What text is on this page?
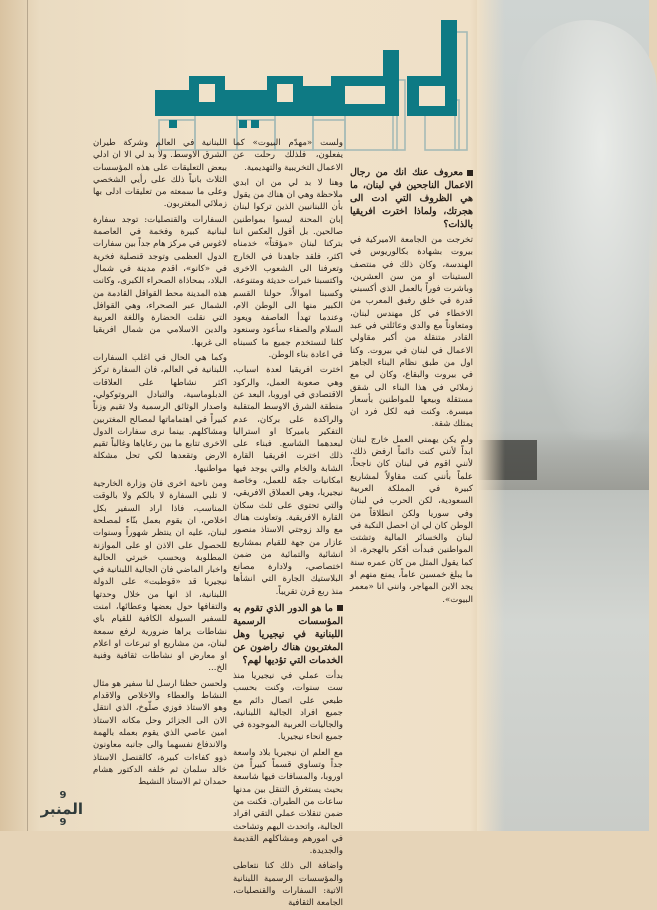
معروف عنك انك من رجال الاعمال الناجحين في لبنان، ما هي الظروف التي ادت الى هجرتك، ولماذا اخترت افريقيا بالذات؟

تخرجت من الجامعة الاميركية في بيروت بشهادة بكالوريوس في الهندسة، وكان ذلك في منتصف الستينات او من سن العشرين، وباشرت فوراً بالعمل الذي أكسبني قدرة في خلق رفيق المعرب من الاخطاء في كل مهندس لبنان، ومتعاوناً مع والدي وعائلتي في عبد القادر متنقلة من أكبر مقاولي الاعمال في لبنان في بيروت. وكنا اول من طبق نظام البناء الجاهز في بيروت والبقاع، وكان لي مع زملائي في هذا البناء الى شقق مستقلة وبيعها للمواطنين بأسعار ميسرة. وكنت فيه لكل فرد ان يمتلك شقة.

ولم يكن يهمني العمل خارج لبنان ابداً لأنني كنت دائماً ارفض ذلك، لأنني اقوم في لبنان كان ناجحاً، علماً بأنني كنت مقاولاً لمشاريع كبيرة في المملكة العربية السعودية، لكن الحرب في لبنان وفي سوريا ولكن انطلاقاً من الوطن كان لي ان احصل النكبة في لبنان والخسائر المالية وتشتت المواطنين فبدأت أفكر بالهجرة، اذ كما يقول المثل من كان عمره سنة ما يبلغ خمسين عاماً، يمنع منهم او يجد الابن المهاجر، وانني انا «معمر البيوت».

ولست «مهدّم البيوت» كما يفعلون، فلذلك رحلت عن الاعمال التخريبية والتهديمية.

وهنا لا بد لي من ان ابدي ملاحظة وهي ان هناك من يقول بأن اللبنانيين الذين تركوا لبنان إبان المحنة ليسوا بمواطنين صالحين. بل أقول العكس اننا بتركنا لبنان «مؤقتاً» خدمناه اكثر، فلقد جاهدنا في الخارج وتعرفنا الى الشعوب الاخرى واكتسبنا خبرات حديثة ومتنوعة، وكسبنا اموالاً، حولنا القسم الكبير منها الى الوطن الام، وعندما تهدأ العاصفة ويعود السلام والصفاء سأعود وسنعود كلنا لنستخدم جميع ما كسبناه في اعادة بناء الوطن.

اخترت افريقيا لعدة اسباب، وهي صعوبة العمل، والركود الاقتصادي في اوروبا، البعد عن منطقة الشرق الاوسط المتقلبة والراكدة على بركان، عدم التفكير باميركا او استراليا لبعدهما الشاسع. فبناء على ذلك اخترت افريقيا القارة الشابة والخام والتي يوجد فيها امكانيات جمّة للعمل، وخاصة نيجيريا، وهي العملاق الافريقي، والتي تحتوي على ثلث سكان القارة الافريقية. وتعاونت هناك مع والد زوجتي الاستاذ منصور عازار من جهة للقيام بمشاريع انشائية والتمائية من ضمن اختصاصي، ولادارة مصانع البلاستيك الجارة التي انشأها منذ ربع قرن تقريباً.

ما هو الدور الذي تقوم به المؤسسات الرسمية اللبنانية في نيجيريا وهل المغتربون هناك راضون عن الخدمات التي تؤديها لهم؟

بدأت عملي في نيجيريا منذ ست سنوات، وكنت بحسب طبعي على اتصال دائم مع جميع افراد الجالية اللبنانية، والجاليات العربية الموجودة في جميع انحاء نيجيريا.

مع العلم ان نيجيريا بلاد واسعة جداً وتساوي قسماً كبيراً من اوروبا، والمسافات فيها شاسعة بحيث يستغرق التنقل بين مدنها ساعات من الطيران. فكنت من ضمن تنقلات عملي التقي افراد الجالية، واتحدث اليهم وتشاحث في امورهم ومشاكلهم القديمة والجديدة.

واضافة الى ذلك كنا نتعاطى والمؤسسات الرسمية اللبنانية الاتية: السفارات والقنصليات، الجامعة الثقافية

اللبنانية في العالم وشركة طيران الشرق الاوسط. ولا بد لي الا ان ادلي ببعض التعليقات على هذه المؤسسات الثلاث بانياً ذلك على رأيي الشخصي وعلى ما سمعته من تعليقات ادلى بها زملائي المغتربون.

السفارات والقنصليات: توجد سفارة لبنانية كبيرة وفخمة في العاصمة لاغوس في مركز هام جداً بين سفارات الدول العظمى وتوجد قنصلية فخرية في «كانو»، اقدم مدينة في شمال البلاد، بمحاذاة الصحراء الكبرى، وكانت هذه المدينة محط القوافل القادمة من الشمال عبر الصحراء، وهي القوافل التي نقلت الحضارة واللغة العربية والدين الاسلامي من شمال افريقيا الى غربها.

وكما هي الحال في اغلب السفارات اللبنانية في العالم، فان السفارة تركز اكثر نشاطها على العلاقات الدبلوماسية، والتبادل البروتوكولي، واصدار الوثائق الرسمية ولا تقيم وزناً كبيراً في اهتماماتها لمصالح المغتربين ومشاكلهم. بينما نرى سفارات الدول الاخرى تتابع ما بين رعاياها وغالباً تقيم الارض وتقعدها لكي تحل مشكلة مواطنيها.

ومن ناحية اخرى فان وزارة الخارجية لا تلبي السفارة لا بالكم ولا بالوقت المناسب، فاذا اراد السفير بكل اخلاص، ان يقوم بعمل بنّاء لمصلحة لبنان، عليه ان ينتظر شهوراً وسنوات للحصول على الاذن او على الموازنة المطلوبة ويحسب خبرتي الحالية واخبار الماضي فان الجالية اللبنانية في نيجيريا قد «قوطبت» على الدولة اللبنانية، اذ انها من خلال وحدتها والتفافها حول بعضها وعطائها، امنت للسفير السيولة الكافية للقيام باي نشاطات يراها ضرورية لرفع سمعة لبنان، من مشاريع او تبرعات او اعلام او معارض او نشاطات ثقافية وفنية الخ...

ولحسن حظنا ارسل لنا سفير هو مثال النشاط والعطاء والاخلاص والاقدام وهو الاستاذ فوزي صلّوخ، الذي انتقل الان الى الجزائر وحل مكانه الاستاذ امين عاصي الذي يقوم بعمله بالهمة والاندفاع نفسهما والى جانبه معاونون ذوو كفاءات كبيرة، كالقنصل الاستاذ خالد سلمان ثم خلفه الدكتور هشام حمدان ثم الاستاذ النشيط

9
المنبر
9
